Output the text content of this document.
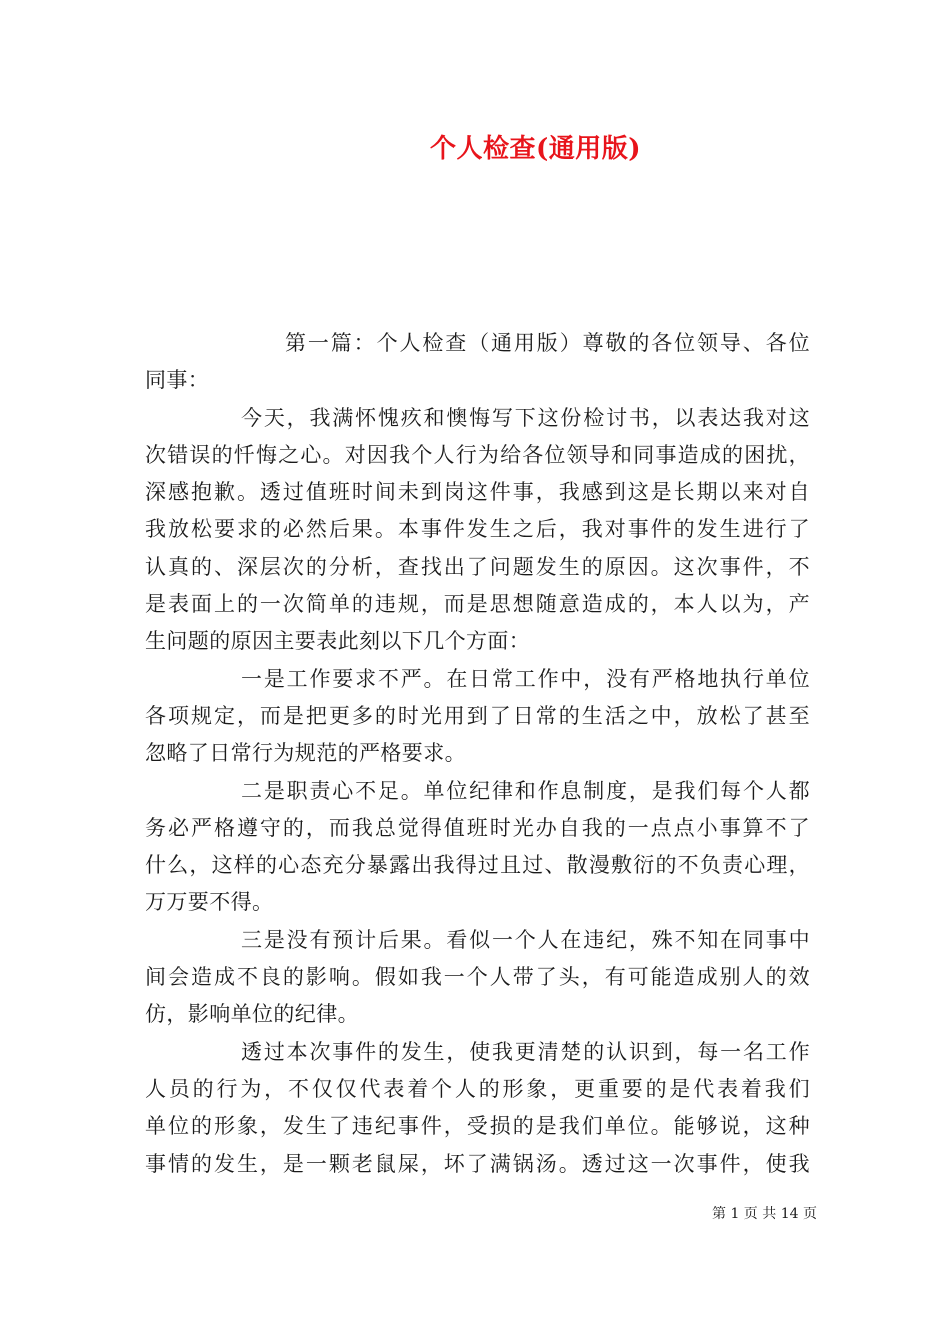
个人检查(通用版)
第一篇：个人检查（通用版）尊敬的各位领导、各位
同事：
今天，我满怀愧疚和懊悔写下这份检讨书，以表达我对这
次错误的忏悔之心。对因我个人行为给各位领导和同事造成的困扰，
深感抱歉。透过值班时间未到岗这件事，我感到这是长期以来对自
我放松要求的必然后果。本事件发生之后，我对事件的发生进行了
认真的、深层次的分析，查找出了问题发生的原因。这次事件，不
是表面上的一次简单的违规，而是思想随意造成的，本人以为，产
生问题的原因主要表此刻以下几个方面：
一是工作要求不严。在日常工作中，没有严格地执行单位
各项规定，而是把更多的时光用到了日常的生活之中，放松了甚至
忽略了日常行为规范的严格要求。
二是职责心不足。单位纪律和作息制度，是我们每个人都
务必严格遵守的，而我总觉得值班时光办自我的一点点小事算不了
什么，这样的心态充分暴露出我得过且过、散漫敷衍的不负责心理，
万万要不得。
三是没有预计后果。看似一个人在违纪，殊不知在同事中
间会造成不良的影响。假如我一个人带了头，有可能造成别人的效
仿，影响单位的纪律。
透过本次事件的发生，使我更清楚的认识到，每一名工作
人员的行为，不仅仅代表着个人的形象，更重要的是代表着我们
单位的形象，发生了违纪事件，受损的是我们单位。能够说，这种
事情的发生，是一颗老鼠屎，坏了满锅汤。透过这一次事件，使我
第 1 页 共 14 页
